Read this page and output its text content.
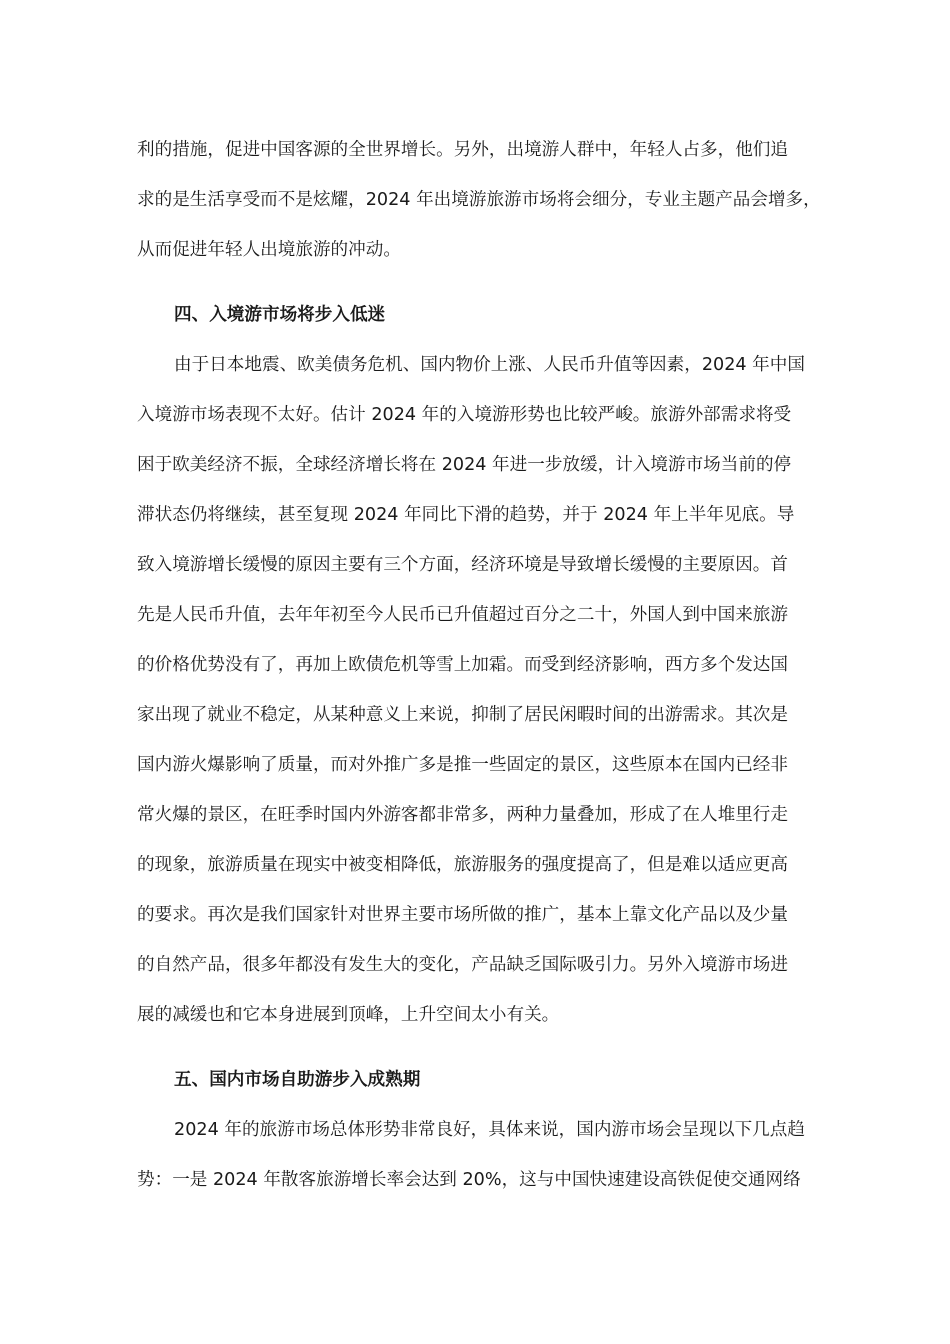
利的措施，促进中国客源的全世界增长。另外，出境游人群中，年轻人占多，他们追
求的是生活享受而不是炫耀，2024 年出境游旅游市场将会细分，专业主题产品会增多，
从而促进年轻人出境旅游的冲动。
四、入境游市场将步入低迷
由于日本地震、欧美债务危机、国内物价上涨、人民币升值等因素，2024 年中国
入境游市场表现不太好。估计 2024 年的入境游形势也比较严峻。旅游外部需求将受
困于欧美经济不振，全球经济增长将在 2024 年进一步放缓，计入境游市场当前的停
滞状态仍将继续，甚至复现 2024 年同比下滑的趋势，并于 2024 年上半年见底。导
致入境游增长缓慢的原因主要有三个方面，经济环境是导致增长缓慢的主要原因。首
先是人民币升值，去年年初至今人民币已升值超过百分之二十，外国人到中国来旅游
的价格优势没有了，再加上欧债危机等雪上加霜。而受到经济影响，西方多个发达国
家出现了就业不稳定，从某种意义上来说，抑制了居民闲暇时间的出游需求。其次是
国内游火爆影响了质量，而对外推广多是推一些固定的景区，这些原本在国内已经非
常火爆的景区，在旺季时国内外游客都非常多，两种力量叠加，形成了在人堆里行走
的现象，旅游质量在现实中被变相降低，旅游服务的强度提高了，但是难以适应更高
的要求。再次是我们国家针对世界主要市场所做的推广，基本上靠文化产品以及少量
的自然产品，很多年都没有发生大的变化，产品缺乏国际吸引力。另外入境游市场进
展的减缓也和它本身进展到顶峰，上升空间太小有关。
五、国内市场自助游步入成熟期
2024 年的旅游市场总体形势非常良好，具体来说，国内游市场会呈现以下几点趋
势：一是 2024 年散客旅游增长率会达到 20%，这与中国快速建设高铁促使交通网络
